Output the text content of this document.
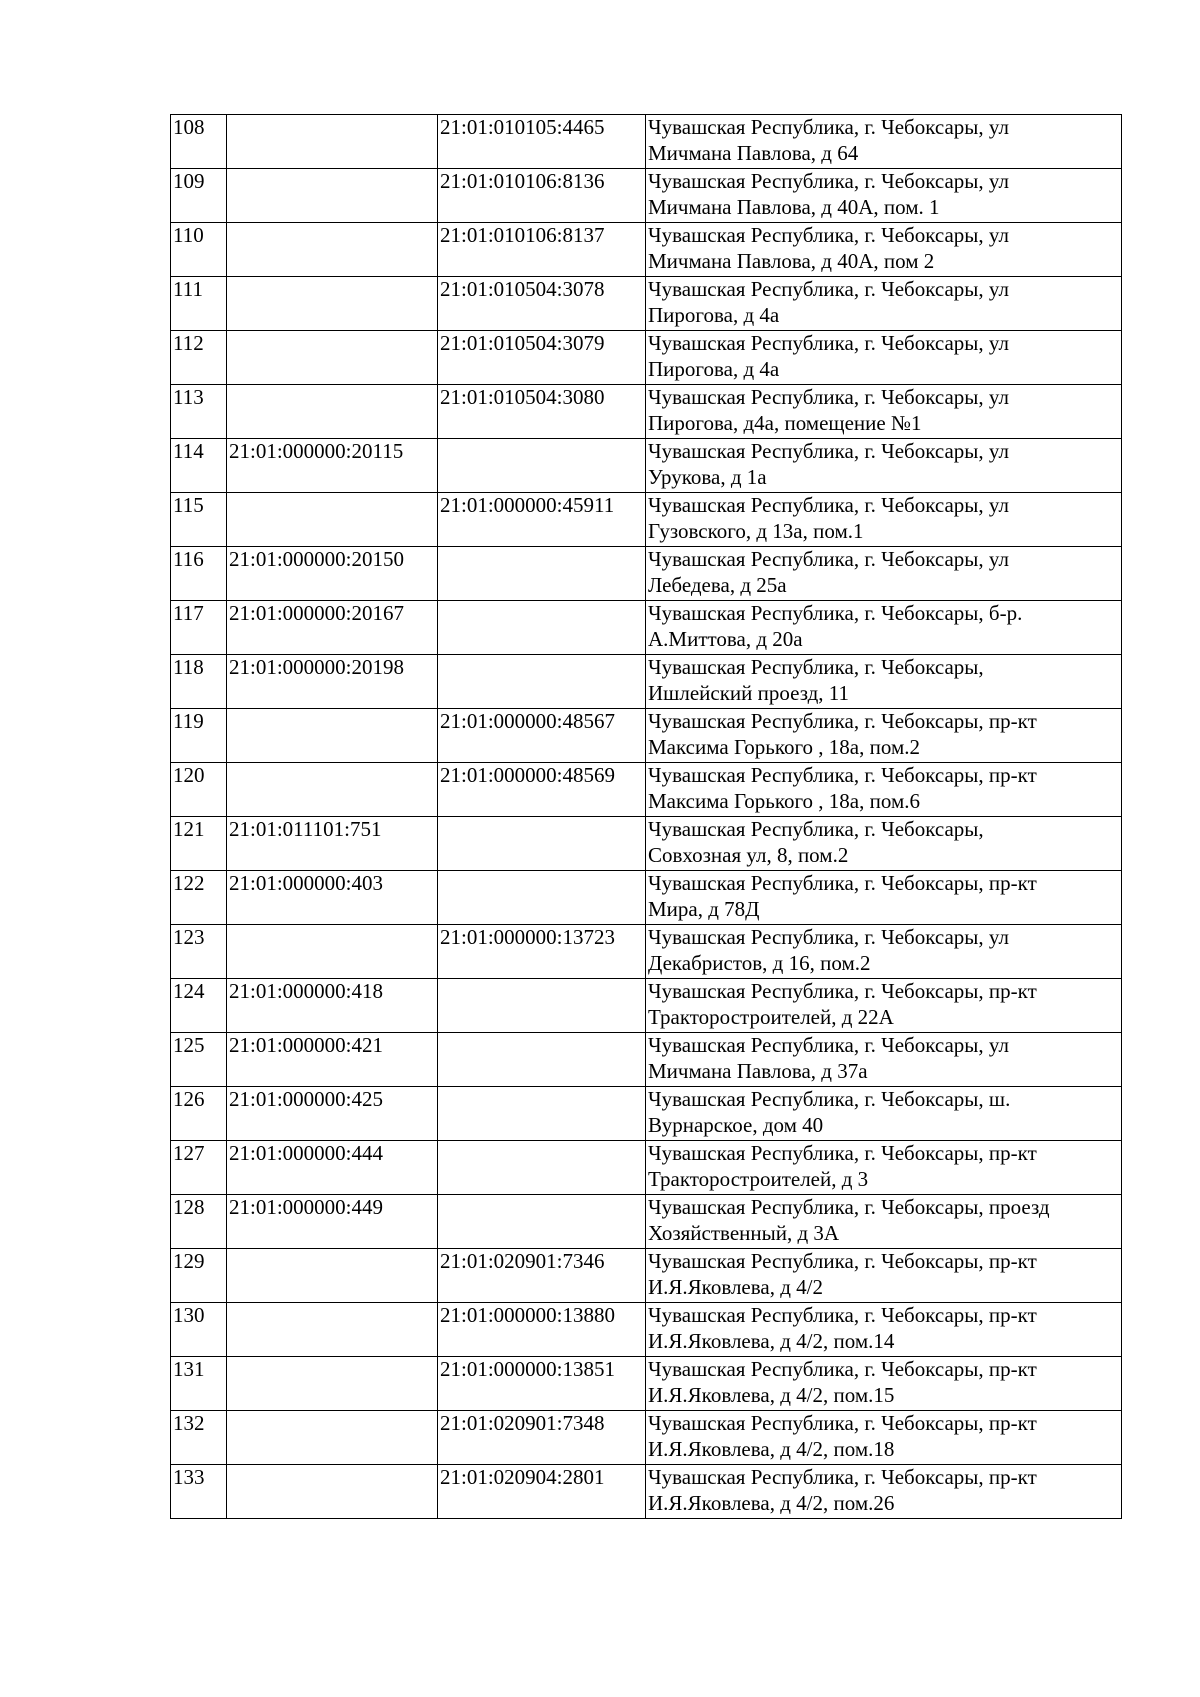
108		21:01:010105:4465	Чувашская Республика, г. Чебоксары, ул
Мичмана Павлова, д 64

109		21:01:010106:8136	Чувашская Республика, г. Чебоксары, ул
Мичмана Павлова, д 40А, пом. 1

110		21:01:010106:8137	Чувашская Республика, г. Чебоксары, ул
Мичмана Павлова, д 40А, пом 2

111		21:01:010504:3078	Чувашская Республика, г. Чебоксары, ул
Пирогова, д 4а

112		21:01:010504:3079	Чувашская Республика, г. Чебоксары, ул
Пирогова, д 4а

113		21:01:010504:3080	Чувашская Республика, г. Чебоксары, ул
Пирогова, д4а, помещение №1

114	21:01:000000:20115		Чувашская Республика, г. Чебоксары, ул
Урукова, д 1а

115		21:01:000000:45911	Чувашская Республика, г. Чебоксары, ул
Гузовского, д 13а, пом.1

116	21:01:000000:20150		Чувашская Республика, г. Чебоксары, ул
Лебедева, д 25а

117	21:01:000000:20167		Чувашская Республика, г. Чебоксары, б-р.
А.Миттова, д 20а

118	21:01:000000:20198		Чувашская Республика, г. Чебоксары,
Ишлейский проезд, 11

119		21:01:000000:48567	Чувашская Республика, г. Чебоксары, пр-кт
Максима Горького , 18а, пом.2

120		21:01:000000:48569	Чувашская Республика, г. Чебоксары, пр-кт
Максима Горького , 18а, пом.6

121	21:01:011101:751		Чувашская Республика, г. Чебоксары,
Совхозная ул, 8, пом.2

122	21:01:000000:403		Чувашская Республика, г. Чебоксары, пр-кт
Мира, д 78Д

123		21:01:000000:13723	Чувашская Республика, г. Чебоксары, ул
Декабристов, д 16, пом.2

124	21:01:000000:418		Чувашская Республика, г. Чебоксары, пр-кт
Тракторостроителей, д 22А

125	21:01:000000:421		Чувашская Республика, г. Чебоксары, ул
Мичмана Павлова, д 37а

126	21:01:000000:425		Чувашская Республика, г. Чебоксары, ш.
Вурнарское, дом 40

127	21:01:000000:444		Чувашская Республика, г. Чебоксары, пр-кт
Тракторостроителей, д 3

128	21:01:000000:449		Чувашская Республика, г. Чебоксары, проезд
Хозяйственный, д 3А

129		21:01:020901:7346	Чувашская Республика, г. Чебоксары, пр-кт
И.Я.Яковлева, д 4/2

130		21:01:000000:13880	Чувашская Республика, г. Чебоксары, пр-кт
И.Я.Яковлева, д 4/2, пом.14

131		21:01:000000:13851	Чувашская Республика, г. Чебоксары, пр-кт
И.Я.Яковлева, д 4/2, пом.15

132		21:01:020901:7348	Чувашская Республика, г. Чебоксары, пр-кт
И.Я.Яковлева, д 4/2, пом.18

133		21:01:020904:2801	Чувашская Республика, г. Чебоксары, пр-кт
И.Я.Яковлева, д 4/2, пом.26
